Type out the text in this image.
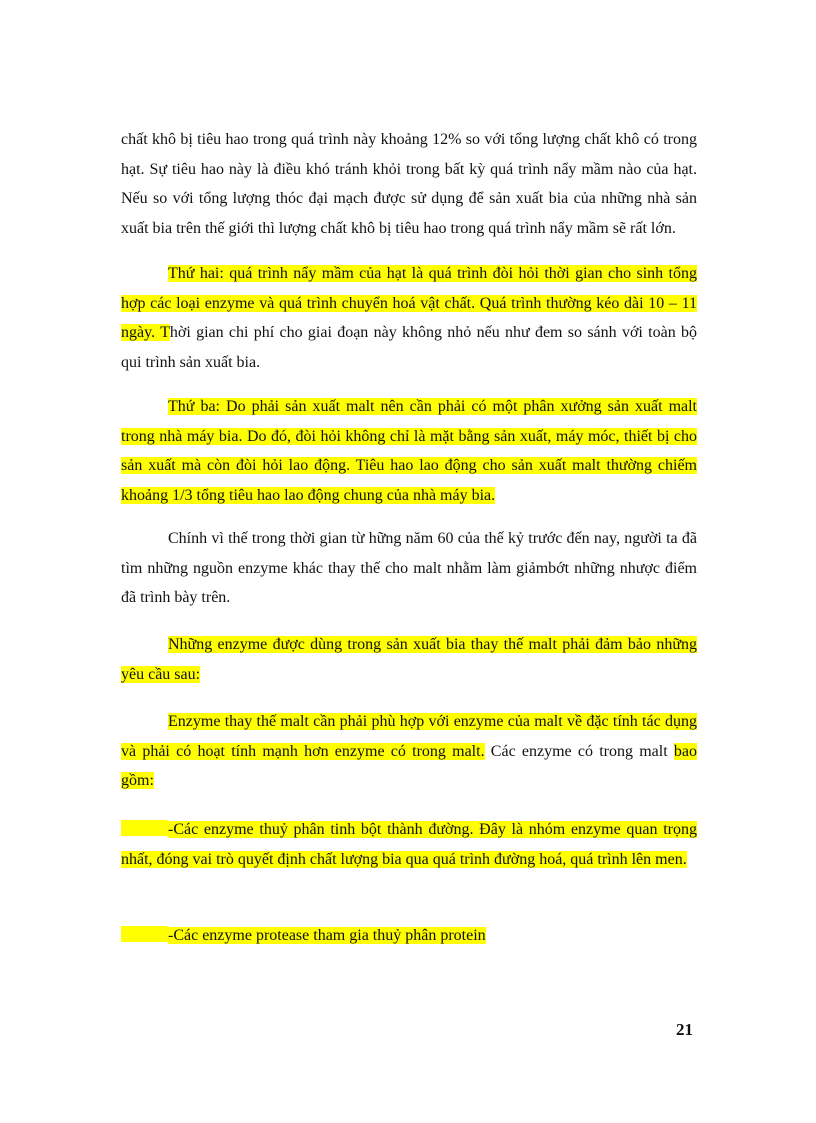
chất khô bị tiêu hao trong quá trình này khoảng 12% so với tổng lượng chất khô có trong hạt. Sự tiêu hao này là điều khó tránh khỏi trong bất kỳ quá trình nẩy mầm nào của hạt. Nếu so với tổng lượng thóc đại mạch được sử dụng để sản xuất bia của những nhà sản xuất bia trên thế giới thì lượng chất khô bị tiêu hao trong quá trình nẩy mầm sẽ rất lớn.

Thứ hai: quá trình nẩy mầm của hạt là quá trình đòi hỏi thời gian cho sinh tổng hợp các loại enzyme và quá trình chuyển hoá vật chất. Quá trình thường kéo dài 10 – 11 ngày. Thời gian chi phí cho giai đoạn này không nhỏ nếu như đem so sánh với toàn bộ qui trình sản xuất bia.

Thứ ba: Do phải sản xuất malt nên cần phải có một phân xưởng sản xuất malt trong nhà máy bia. Do đó, đòi hỏi không chỉ là mặt bằng sản xuất, máy móc, thiết bị cho sản xuất mà còn đòi hỏi lao động. Tiêu hao lao động cho sản xuất malt thường chiếm khoảng 1/3 tổng tiêu hao lao động chung của nhà máy bia.

Chính vì thế trong thời gian từ hững năm 60 của thế kỷ trước đến nay, người ta đã tìm những nguồn enzyme khác thay thế cho malt nhằm làm giảmbớt những nhược điểm đã trình bày trên.

Những enzyme được dùng trong sản xuất bia thay thế malt phải đảm bảo những yêu cầu sau:

Enzyme thay thế malt cần phải phù hợp với enzyme của malt về đặc tính tác dụng và phải có hoạt tính mạnh hơn enzyme có trong malt. Các enzyme có trong malt bao gồm:

-Các enzyme thuỷ phân tinh bột thành đường. Đây là nhóm enzyme quan trọng nhất, đóng vai trò quyết định chất lượng bia qua quá trình đường hoá, quá trình lên men.

-Các enzyme protease tham gia thuỷ phân protein

21
